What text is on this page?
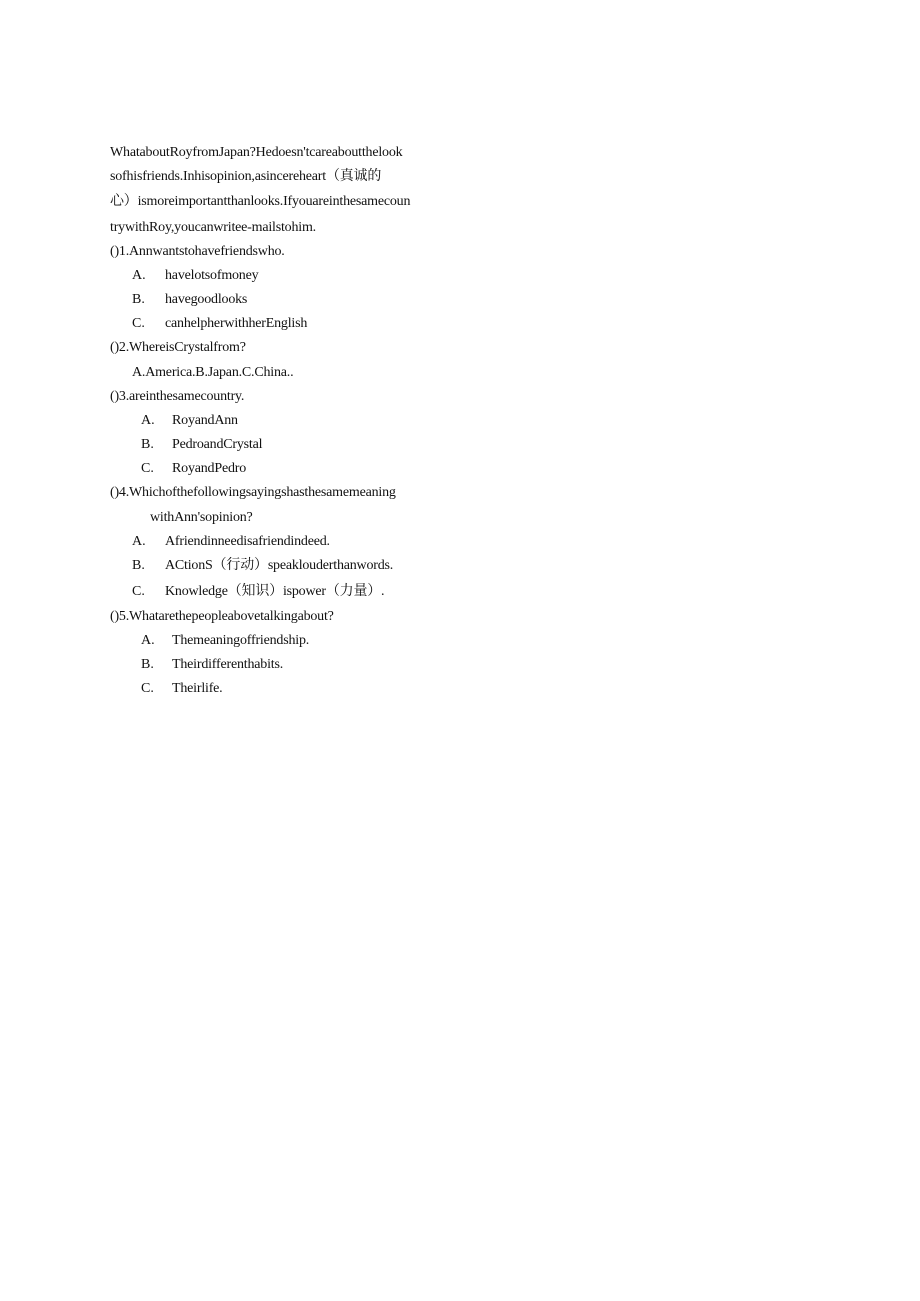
WhataboutRoyfromJapan?Hedoesn'tcareaboutthelook
sofhisfriends.Inhisopinion,asincereheart（真诚的
心）ismoreimportantthanlooks.Ifyouareinthesamecoun
trywithRoy,youcanwritee-mailstohim.
()1.Annwantstohavefriendswho.
A. havelotsofmoney
B. havegoodlooks
C. canhelpherwithherEnglish
()2.WhereisCrystalfrom?
A.America.B.Japan.C.China..
()3.areinthesamecountry.
A. RoyandAnn
B. PedroandCrystal
C. RoyandPedro
()4.Whichofthefollowingsayingshasthesamemeaning
withAnn'sopinion?
A. Afriendinneedisafriendindeed.
B. ACtionS（行动）speaklouderthanwords.
C. Knowledge（知识）ispower（力量）.
()5.Whatarethepeopleabovetalkingabout?
A. Themeaningoffriendship.
B. Theirdifferenthabits.
C. Theirlife.
